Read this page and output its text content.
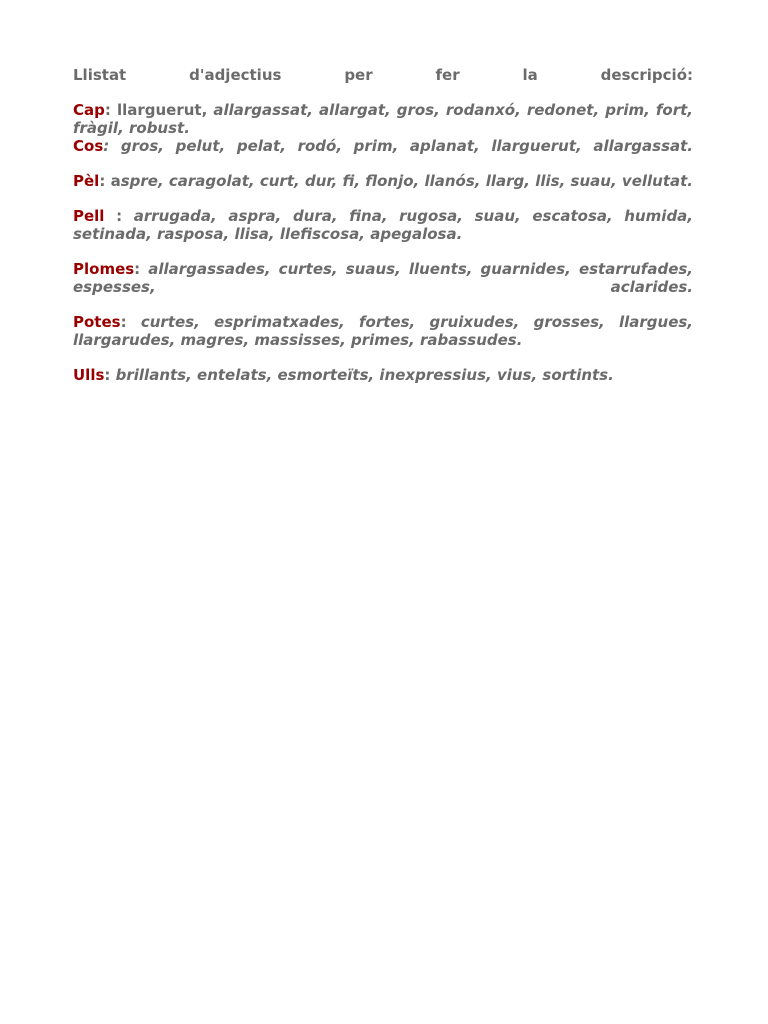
Llistat d'adjectius per fer la descripció:

Cap: llarguerut, allargassat, allargat, gros, rodanxó, redonet, prim, fort, fràgil, robust.

Cos: gros, pelut, pelat, rodó, prim, aplanat, llarguerut, allargassat.

Pèl: aspre, caragolat, curt, dur, fi, flonjo, llanós, llarg, llis, suau, vellutat.

Pell : arrugada, aspra, dura, fina, rugosa, suau, escatosa, humida, setinada, rasposa, llisa, llefiscosa, apegalosa.

Plomes: allargassades, curtes, suaus, lluents, guarnides, estarrufades, espesses, aclarides.

Potes: curtes, esprimatxades, fortes, gruixudes, grosses, llargues, llargarudes, magres, massisses, primes, rabassudes.

Ulls: brillants, entelats, esmorteïts, inexpressius, vius, sortints.
